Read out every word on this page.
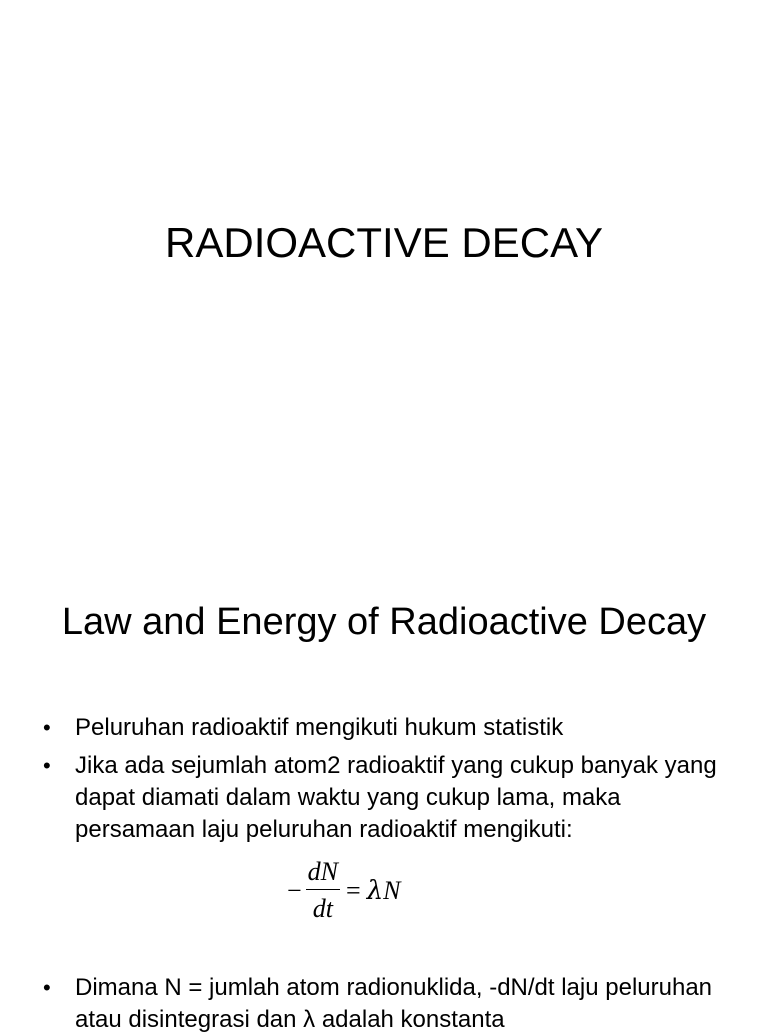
RADIOACTIVE DECAY
Law and Energy of Radioactive Decay
• Peluruhan radioaktif mengikuti hukum statistik
• Jika ada sejumlah atom2 radioaktif yang cukup banyak yang dapat diamati dalam waktu yang cukup lama, maka persamaan laju peluruhan radioaktif mengikuti:
• Dimana N = jumlah atom radionuklida, -dN/dt laju peluruhan atau disintegrasi dan λ adalah konstanta
− $\frac{dN}{dt} = \lambda$ N
